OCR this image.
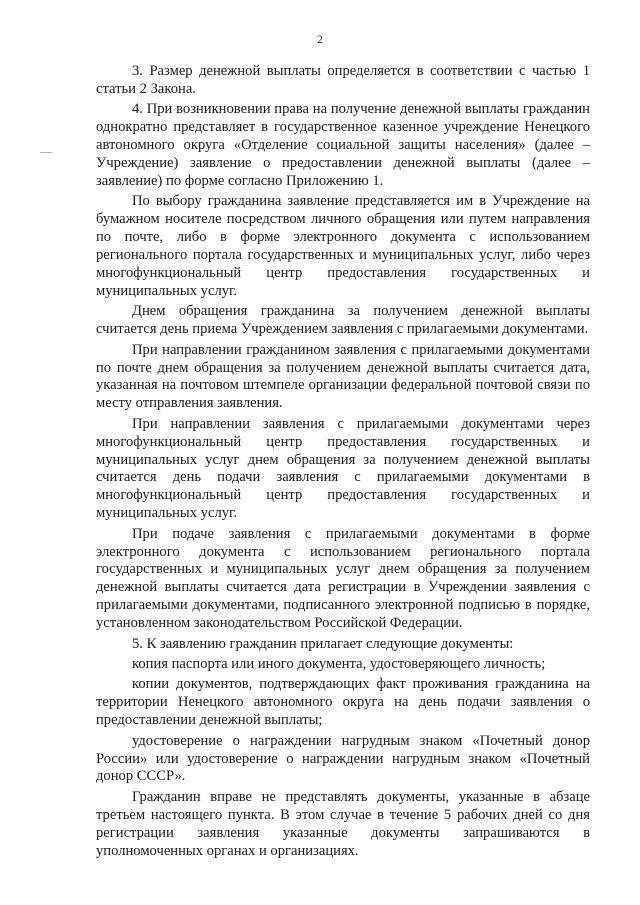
2

3. Размер денежной выплаты определяется в соответствии с частью 1 статьи 2 Закона.

4. При возникновении права на получение денежной выплаты гражданин однократно представляет в государственное казенное учреждение Ненецкого автономного округа «Отделение социальной защиты населения» (далее – Учреждение) заявление о предоставлении денежной выплаты (далее – заявление) по форме согласно Приложению 1.

По выбору гражданина заявление представляется им в Учреждение на бумажном носителе посредством личного обращения или путем направления по почте, либо в форме электронного документа с использованием регионального портала государственных и муниципальных услуг, либо через многофункциональный центр предоставления государственных и муниципальных услуг.

Днем обращения гражданина за получением денежной выплаты считается день приема Учреждением заявления с прилагаемыми документами.

При направлении гражданином заявления с прилагаемыми документами по почте днем обращения за получением денежной выплаты считается дата, указанная на почтовом штемпеле организации федеральной почтовой связи по месту отправления заявления.

При направлении заявления с прилагаемыми документами через многофункциональный центр предоставления государственных и муниципальных услуг днем обращения за получением денежной выплаты считается день подачи заявления с прилагаемыми документами в многофункциональный центр предоставления государственных и муниципальных услуг.

При подаче заявления с прилагаемыми документами в форме электронного документа с использованием регионального портала государственных и муниципальных услуг днем обращения за получением денежной выплаты считается дата регистрации в Учреждении заявления с прилагаемыми документами, подписанного электронной подписью в порядке, установленном законодательством Российской Федерации.

5. К заявлению гражданин прилагает следующие документы:

копия паспорта или иного документа, удостоверяющего личность;

копии документов, подтверждающих факт проживания гражданина на территории Ненецкого автономного округа на день подачи заявления о предоставлении денежной выплаты;

удостоверение о награждении нагрудным знаком «Почетный донор России» или удостоверение о награждении нагрудным знаком «Почетный донор СССР».

Гражданин вправе не представлять документы, указанные в абзаце третьем настоящего пункта. В этом случае в течение 5 рабочих дней со дня регистрации заявления указанные документы запрашиваются в уполномоченных органах и организациях.
